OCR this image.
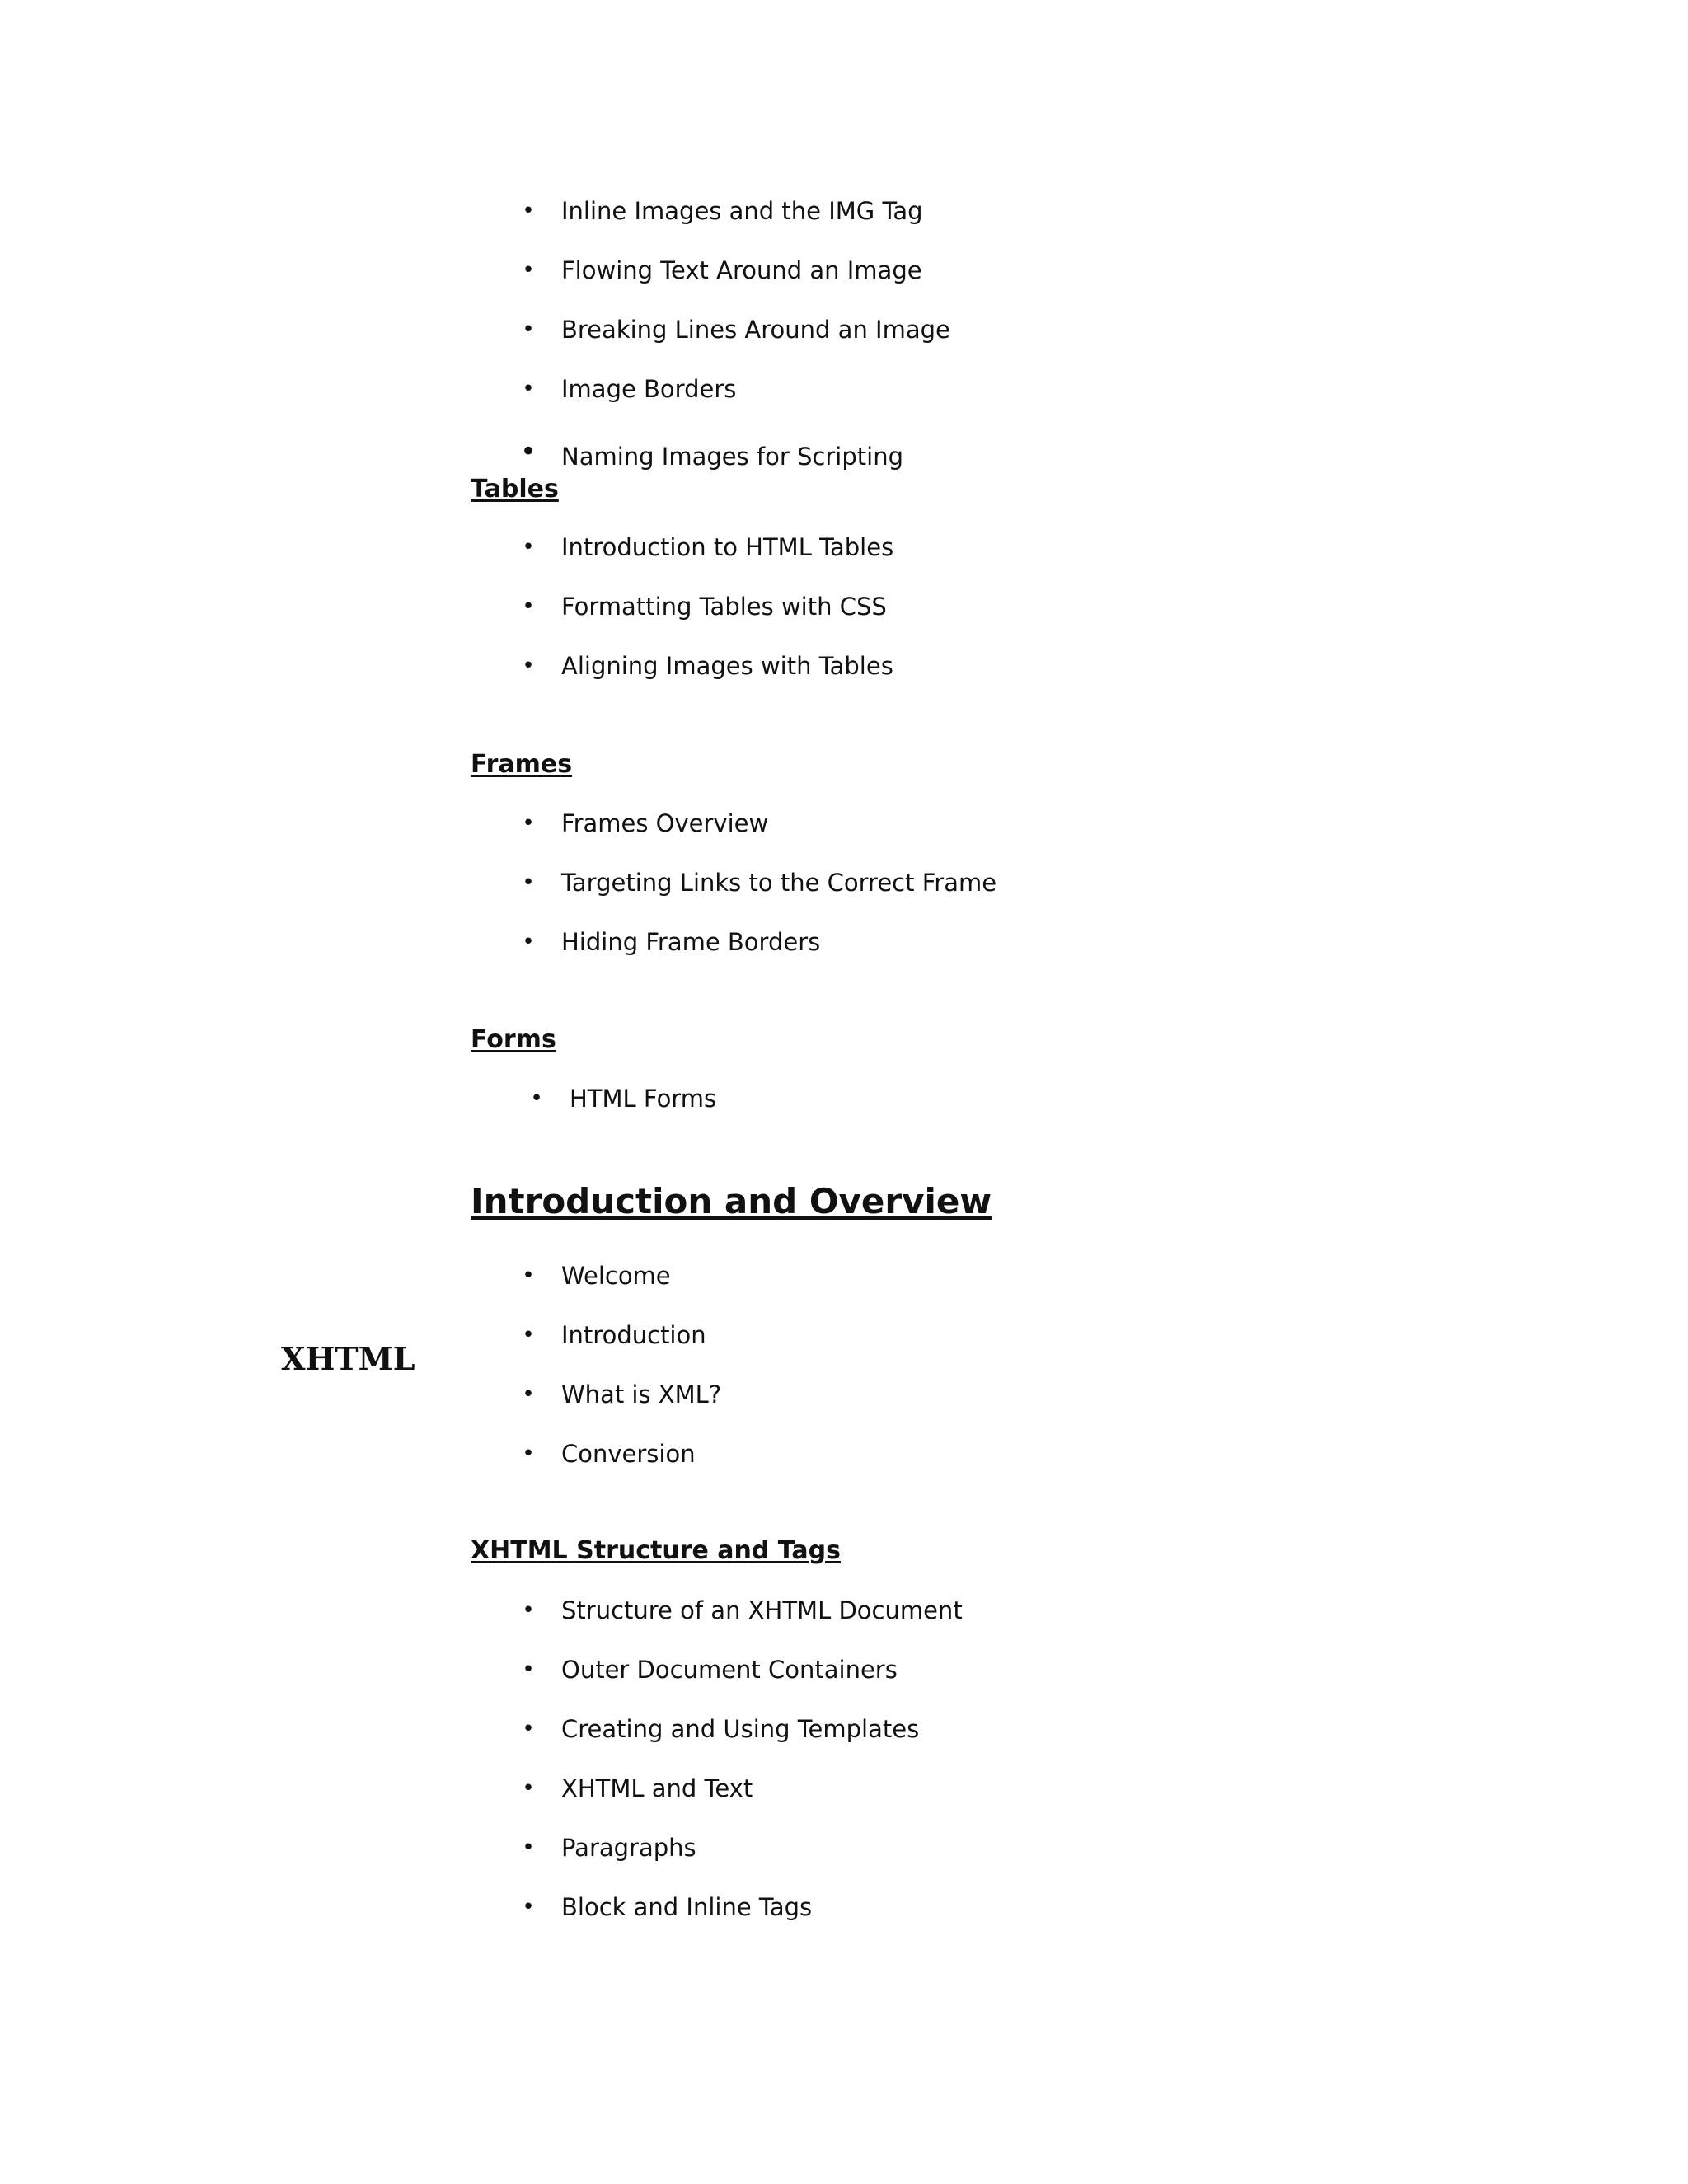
•	Inline Images and the IMG Tag
•	Flowing Text Around an Image
•	Breaking Lines Around an Image
•	Image Borders
•	Naming Images for Scripting
Tables
•	Introduction to HTML Tables
•	Formatting Tables with CSS
•	Aligning Images with Tables
Frames
•	Frames Overview
•	Targeting Links to the Correct Frame
•	Hiding Frame Borders
Forms
•	HTML Forms
Introduction and Overview
XHTML
•	Welcome
•	Introduction
•	What is XML?
•	Conversion
XHTML Structure and Tags
•	Structure of an XHTML Document
•	Outer Document Containers
•	Creating and Using Templates
•	XHTML and Text
•	Paragraphs
•	Block and Inline Tags
